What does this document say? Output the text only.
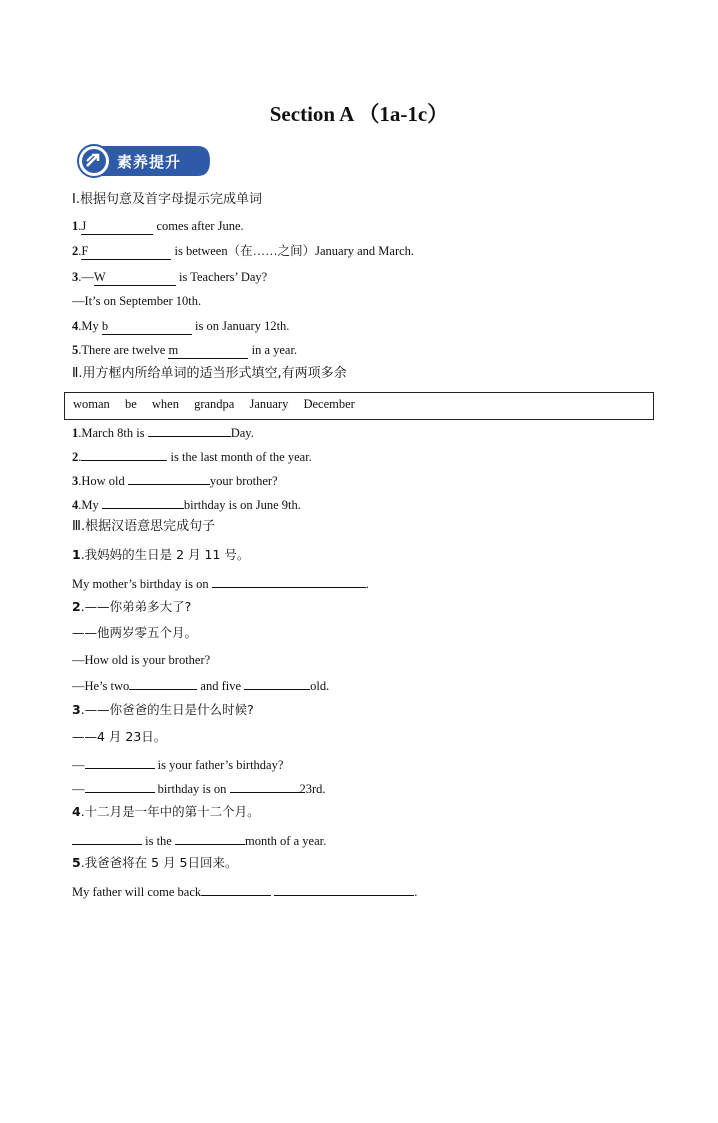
Section A （1a-1c）
素养提升
Ⅰ.根据句意及首字母提示完成单词
1.J	comes after June.
2.F	is between（在……之间）January and March.
3.—W	is Teachers’ Day?
—It’s on September 10th.
4.My b	is on January 12th.
5.There are twelve m	in a year.
Ⅱ.用方框内所给单词的适当形式填空,有两项多余
woman be when grandpa January December
1.March 8th is	Day.
2.	is the last month of the year.
3.How old	your brother?
4.My	birthday is on June 9th.
Ⅲ.根据汉语意思完成句子
1.我妈妈的生日是 2 月 11 号。
My mother’s birthday is on	.
2.——你弟弟多大了?
——他两岁零五个月。
—How old is your brother?
—He’s two	and five	old.
3.——你爸爸的生日是什么时候?
——4 月 23日。
—	is your father’s birthday?
—	birthday is on	23rd.
4.十二月是一年中的第十二个月。
is the	month of a year.
5.我爸爸将在 5 月 5日回来。
My father will come back	.
